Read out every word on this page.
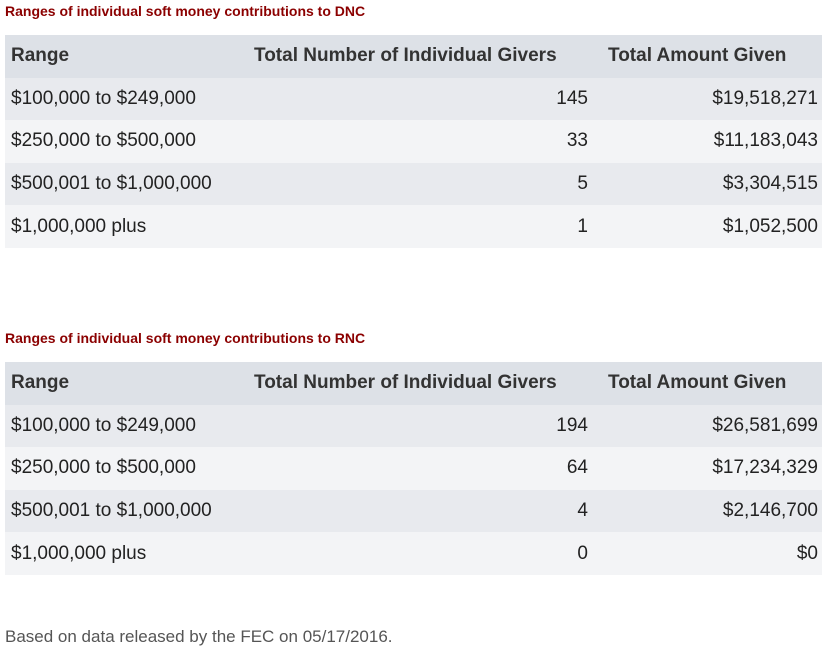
Ranges of individual soft money contributions to DNC

Range	Total Number of Individual Givers	Total Amount Given
$100,000 to $249,000	145	$19,518,271
$250,000 to $500,000	33	$11,183,043
$500,001 to $1,000,000	5	$3,304,515
$1,000,000 plus	1	$1,052,500

Ranges of individual soft money contributions to RNC

Range	Total Number of Individual Givers	Total Amount Given
$100,000 to $249,000	194	$26,581,699
$250,000 to $500,000	64	$17,234,329
$500,001 to $1,000,000	4	$2,146,700
$1,000,000 plus	0	$0
Based on data released by the FEC on 05/17/2016.
